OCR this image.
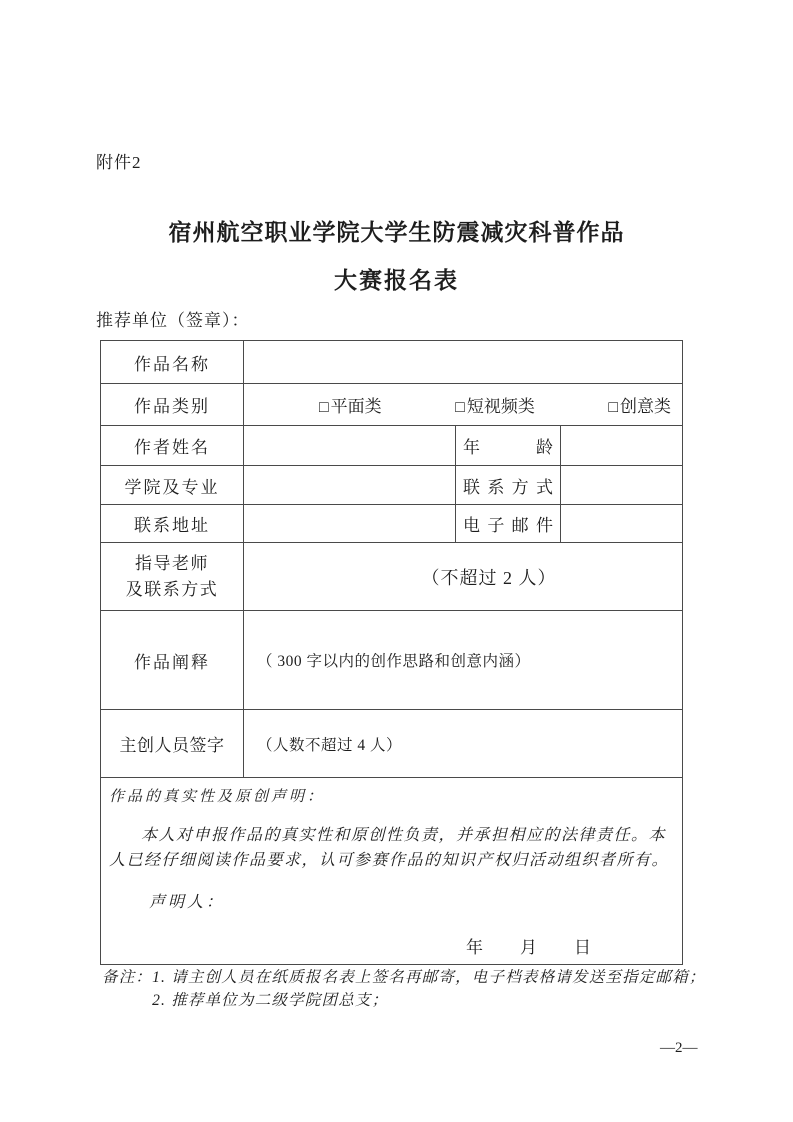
附件2
宿州航空职业学院大学生防震减灾科普作品
大赛报名表
推荐单位（签章）：
作品名称			
作品类别	□ 平面类 □ 短视频类 □ 创意类		

作者姓名		年　龄	
学院及专业		联系方式	
联系地址		电子邮件	

指导老师
及联系方式	（不超过 2 人）		
作品阐释	（ 300 字以内的创作思路和创意内涵）		
主创人员签字	（人数不超过 4 人）		

作品的真实性及原创声明：
本人对申报作品的真实性和原创性负责，并承担相应的法律责任。本人已经仔细阅读作品要求，认可参赛作品的知识产权归活动组织者所有。
声明人：
年　　月　　日			
备注： 1. 请主创人员在纸质报名表上签名再邮寄，电子档表格请发送至指定邮箱；
2. 推荐单位为二级学院团总支；
—2—
